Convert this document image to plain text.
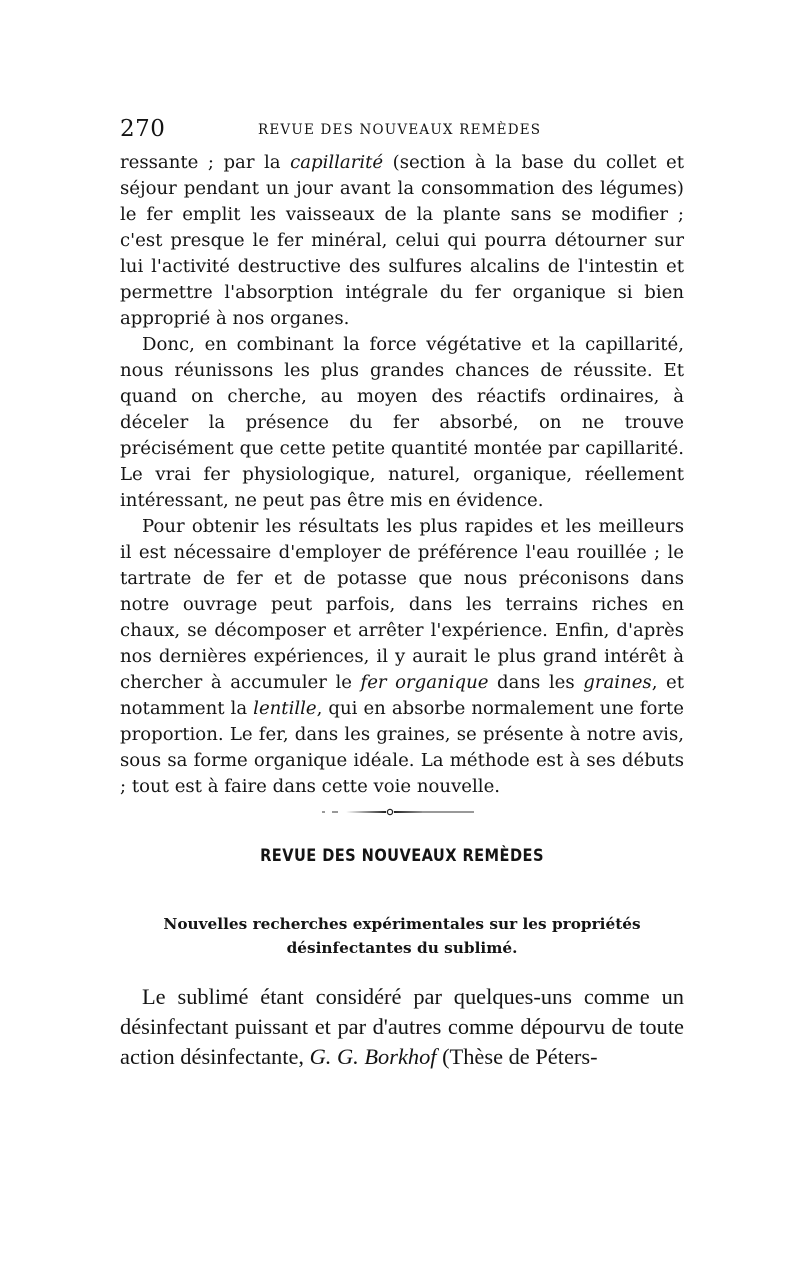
270	REVUE DES NOUVEAUX REMÈDES

ressante ; par la capillarité (section à la base du collet et séjour pendant un jour avant la consommation des légumes) le fer emplit les vaisseaux de la plante sans se modifier ; c'est presque le fer minéral, celui qui pourra détourner sur lui l'activité destructive des sulfures alcalins de l'intestin et permettre l'absorption intégrale du fer organique si bien approprié à nos organes.

Donc, en combinant la force végétative et la capillarité, nous réunissons les plus grandes chances de réussite. Et quand on cherche, au moyen des réactifs ordinaires, à déceler la présence du fer absorbé, on ne trouve précisément que cette petite quantité montée par capillarité. Le vrai fer physiologique, naturel, organique, réellement intéressant, ne peut pas être mis en évidence.

Pour obtenir les résultats les plus rapides et les meilleurs il est nécessaire d'employer de préférence l'eau rouillée ; le tartrate de fer et de potasse que nous préconisons dans notre ouvrage peut parfois, dans les terrains riches en chaux, se décomposer et arrêter l'expérience. Enfin, d'après nos dernières expériences, il y aurait le plus grand intérêt à chercher à accumuler le fer organique dans les graines, et notamment la lentille, qui en absorbe normalement une forte proportion. Le fer, dans les graines, se présente à notre avis, sous sa forme organique idéale. La méthode est à ses débuts ; tout est à faire dans cette voie nouvelle.

REVUE DES NOUVEAUX REMÈDES
Nouvelles recherches expérimentales sur les propriétés
désinfectantes du sublimé.

Le sublimé étant considéré par quelques-uns comme un désinfectant puissant et par d'autres comme dépourvu de toute action désinfectante, G. G. Borkhof (Thèse de Péters-
